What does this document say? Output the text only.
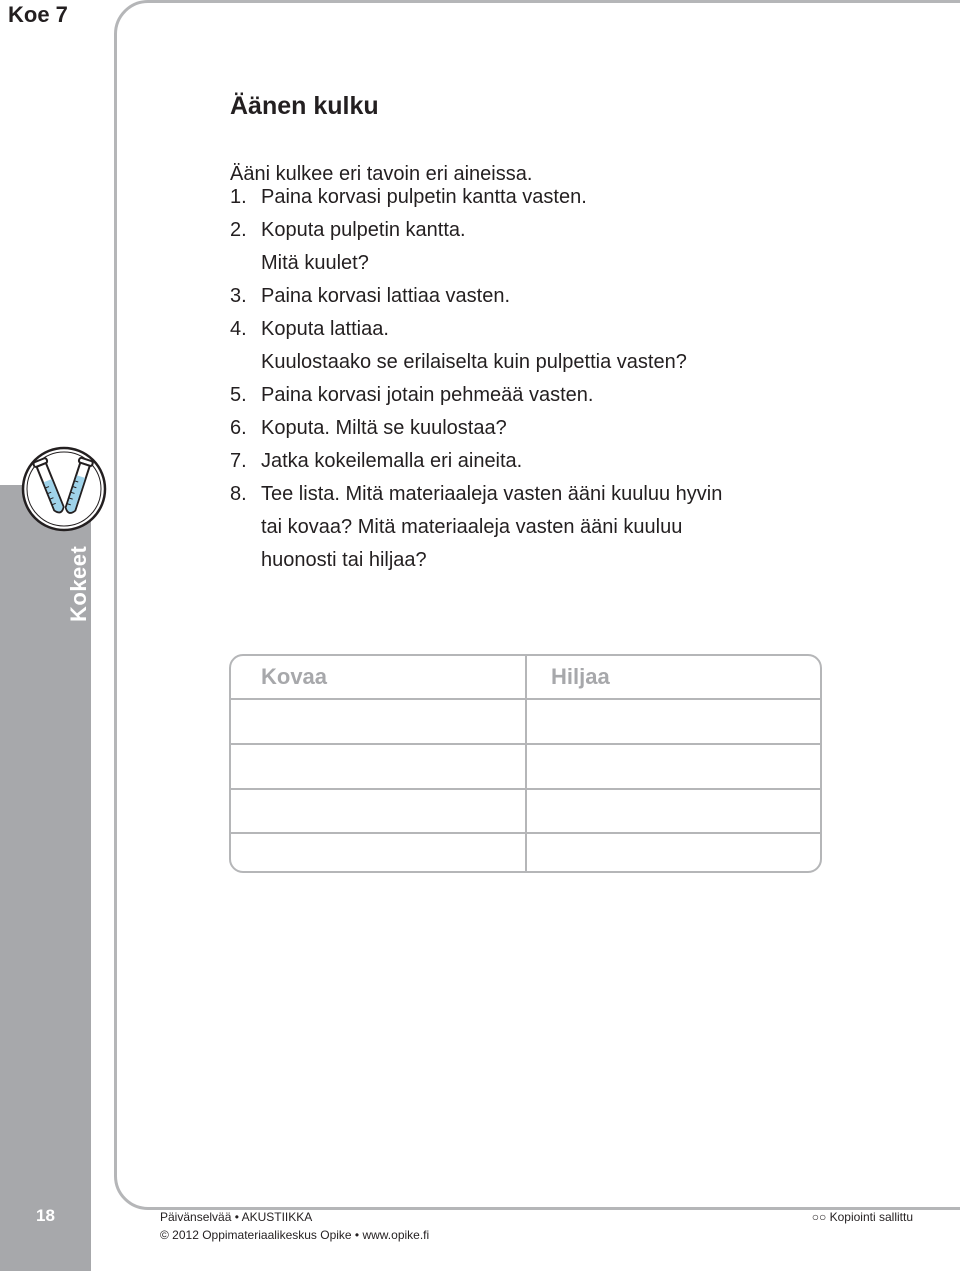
Koe 7
Kokeet
18
Äänen kulku
Ääni kulkee eri tavoin eri aineissa.
1. Paina korvasi pulpetin kantta vasten.
2. Koputa pulpetin kantta.
Mitä kuulet?
3. Paina korvasi lattiaa vasten.
4. Koputa lattiaa.
Kuulostaako se erilaiselta kuin pulpettia vasten?
5. Paina korvasi jotain pehmeää vasten.
6. Koputa. Miltä se kuulostaa?
7. Jatka kokeilemalla eri aineita.
8. Tee lista. Mitä materiaaleja vasten ääni kuuluu hyvin
tai kovaa? Mitä materiaaleja vasten ääni kuuluu
huonosti tai hiljaa?
Kovaa	Hiljaa
Päivänselvää • AKUSTIIKKA
© 2012 Oppimateriaalikeskus Opike • www.opike.fi
○○ Kopiointi sallittu
